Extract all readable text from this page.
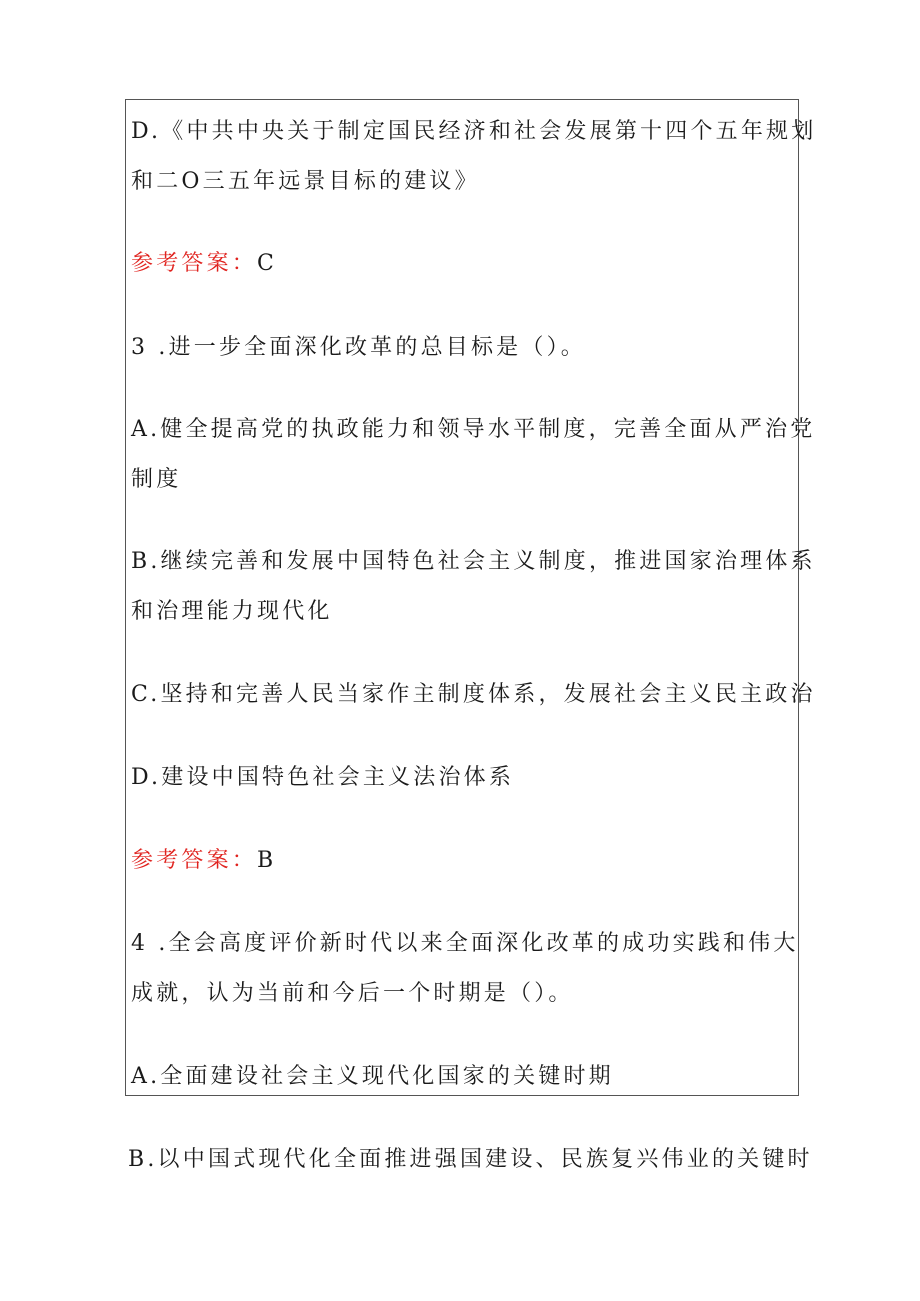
D.《中共中央关于制定国民经济和社会发展第十四个五年规划
和二O三五年远景目标的建议》
参考答案：C
3 .进一步全面深化改革的总目标是（）。
A.健全提高党的执政能力和领导水平制度，完善全面从严治党
制度
B.继续完善和发展中国特色社会主义制度，推进国家治理体系
和治理能力现代化
C.坚持和完善人民当家作主制度体系，发展社会主义民主政治
D.建设中国特色社会主义法治体系
参考答案：B
4 .全会高度评价新时代以来全面深化改革的成功实践和伟大
成就，认为当前和今后一个时期是（）。
A.全面建设社会主义现代化国家的关键时期
B.以中国式现代化全面推进强国建设、民族复兴伟业的关键时
